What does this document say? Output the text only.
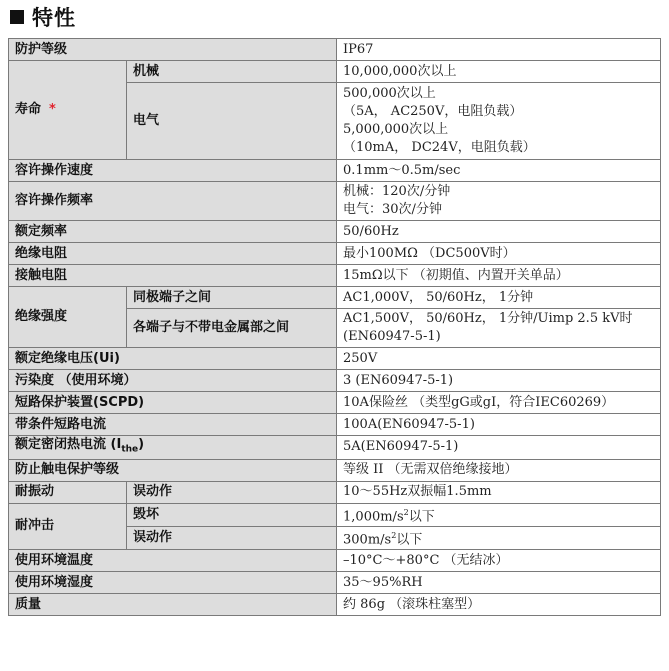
特性
防护等级		IP67
寿命 *	机械	10,000,000次以上
	电气	500,000次以上
（5A， AC250V，电阻负载）
5,000,000次以上
（10mA， DC24V，电阻负载）

容许操作速度		0.1mm～0.5m/sec
容许操作频率		机械：120次/分钟
电气：30次/分钟

额定频率		50/60Hz
绝缘电阻		最小100MΩ （DC500V时）
接触电阻		15mΩ以下 （初期值、内置开关单品）
绝缘强度	同极端子之间	AC1,000V， 50/60Hz， 1分钟
	各端子与不带电金属部之间	AC1,500V， 50/60Hz， 1分钟/Uimp 2.5 kV时
(EN60947-5-1)

额定绝缘电压(Ui)		250V
污染度 （使用环境）		3 (EN60947-5-1)
短路保护装置(SCPD)		10A保险丝 （类型gG或gI，符合IEC60269）
带条件短路电流		100A(EN60947-5-1)
额定密闭热电流 $(I_{the})$		5A(EN60947-5-1)
防止触电保护等级		等级 II （无需双倍绝缘接地）
耐振动	误动作	10～55Hz双振幅1.5mm
耐冲击	毁坏	$1,000m/s^2$以下
	误动作	$300m/s^2$以下
使用环境温度		–10°C～+80°C （无结冰）
使用环境湿度		35～95%RH
质量		约 86g （滚珠柱塞型）
